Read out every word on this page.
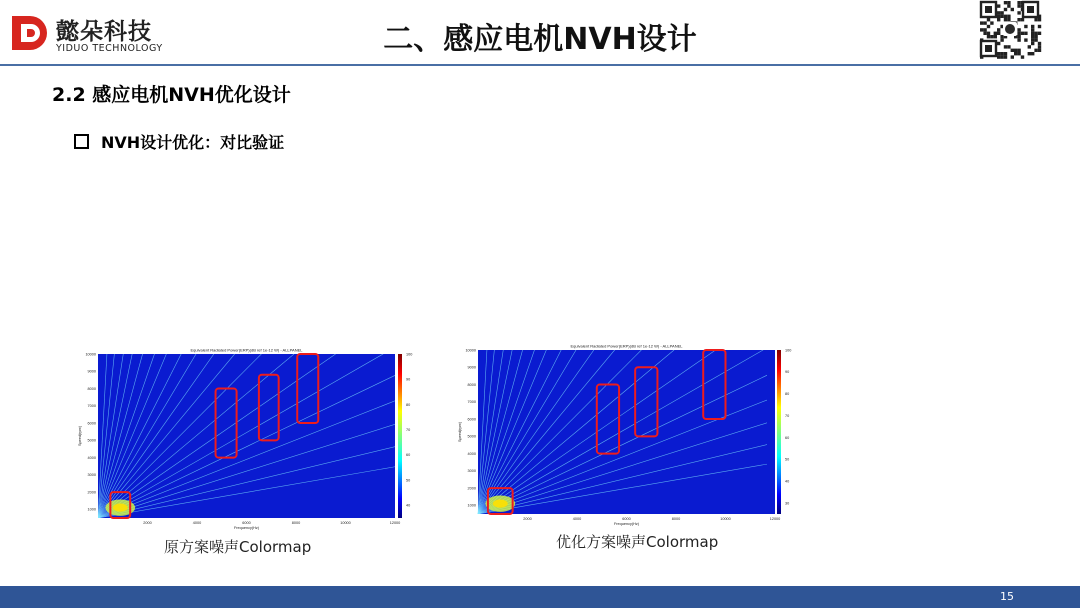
懿朵科技
YIDUO TECHNOLOGY	二、感应电机NVH设计
2.2 感应电机NVH优化设计
NVH设计优化：对比验证
Equivalent Radiated Power(ERP)(dB ref 1e-12 W) - ALLPANEL
2000	4000	6000	8000	10000	12000
1000
2000
3000
4000
5000
6000
7000
8000
9000
10000
Frequency(Hz)
Speed(rpm)
40
50
60
70
80
90
100
原方案噪声Colormap
Equivalent Radiated Power(ERP)(dB ref 1e-12 W) - ALLPANEL
2000	4000	6000	8000	10000	12000
1000
2000
3000
4000
5000
6000
7000
8000
9000
10000
Frequency(Hz)
Speed(rpm)
30
40
50
60
70
80
90
100
优化方案噪声Colormap
15
